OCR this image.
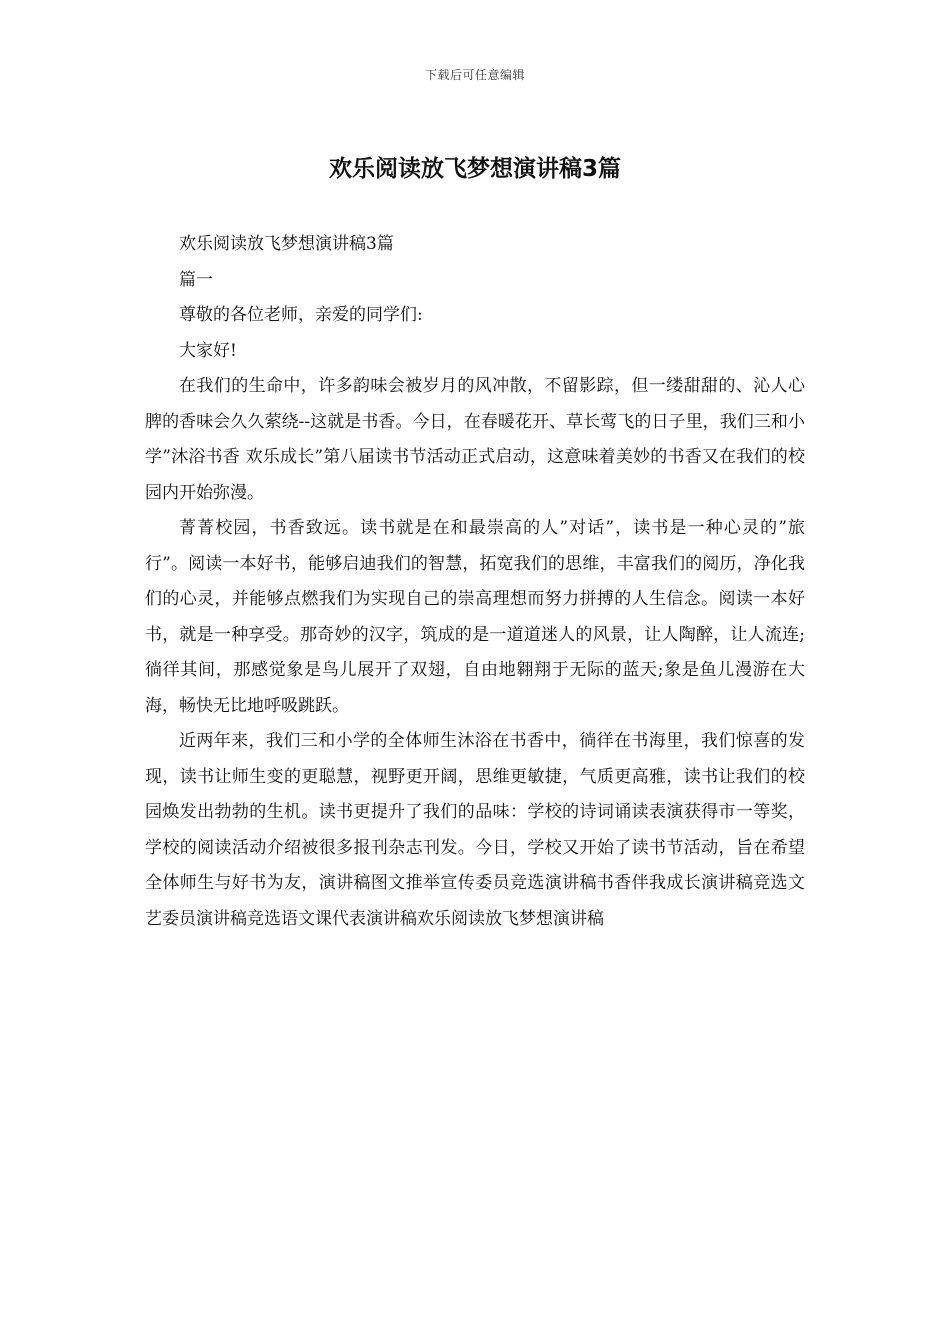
下载后可任意编辑
欢乐阅读放飞梦想演讲稿3篇

欢乐阅读放飞梦想演讲稿3篇

篇一

尊敬的各位老师，亲爱的同学们:

大家好!

在我们的生命中，许多韵味会被岁月的风冲散，不留影踪，但一缕甜甜的、沁人心脾的香味会久久萦绕--这就是书香。今日，在春暖花开、草长莺飞的日子里，我们三和小学”沐浴书香 欢乐成长”第八届读书节活动正式启动，这意味着美妙的书香又在我们的校园内开始弥漫。

菁菁校园，书香致远。读书就是在和最崇高的人”对话”，读书是一种心灵的”旅行”。阅读一本好书，能够启迪我们的智慧，拓宽我们的思维，丰富我们的阅历，净化我们的心灵，并能够点燃我们为实现自己的崇高理想而努力拼搏的人生信念。阅读一本好书，就是一种享受。那奇妙的汉字，筑成的是一道道迷人的风景，让人陶醉，让人流连;徜徉其间，那感觉象是鸟儿展开了双翅，自由地翱翔于无际的蓝天;象是鱼儿漫游在大海，畅快无比地呼吸跳跃。

近两年来，我们三和小学的全体师生沐浴在书香中，徜徉在书海里，我们惊喜的发现，读书让师生变的更聪慧，视野更开阔，思维更敏捷，气质更高雅，读书让我们的校园焕发出勃勃的生机。读书更提升了我们的品味：学校的诗词诵读表演获得市一等奖，学校的阅读活动介绍被很多报刊杂志刊发。今日，学校又开始了读书节活动，旨在希望全体师生与好书为友，演讲稿图文推举宣传委员竞选演讲稿书香伴我成长演讲稿竞选文艺委员演讲稿竞选语文课代表演讲稿欢乐阅读放飞梦想演讲稿
